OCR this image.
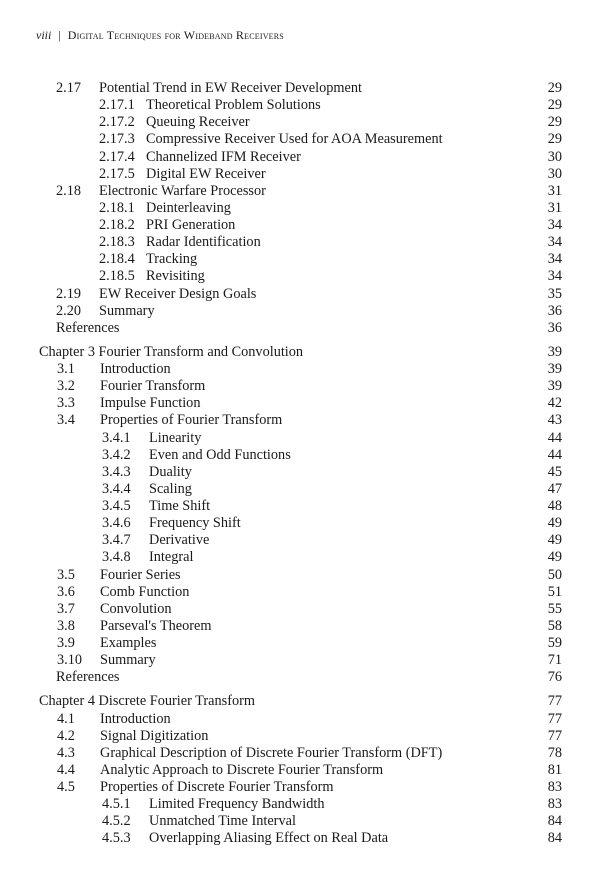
viii | Digital Techniques for Wideband Receivers
2.17 Potential Trend in EW Receiver Development	29
2.17.1 Theoretical Problem Solutions	29
2.17.2 Queuing Receiver	29
2.17.3 Compressive Receiver Used for AOA Measurement	29
2.17.4 Channelized IFM Receiver	30
2.17.5 Digital EW Receiver	30
2.18 Electronic Warfare Processor	31
2.18.1 Deinterleaving	31
2.18.2 PRI Generation	34
2.18.3 Radar Identification	34
2.18.4 Tracking	34
2.18.5 Revisiting	34
2.19 EW Receiver Design Goals	35
2.20 Summary	36
References	36
Chapter 3 Fourier Transform and Convolution	39
3.1 Introduction	39
3.2 Fourier Transform	39
3.3 Impulse Function	42
3.4 Properties of Fourier Transform	43
3.4.1 Linearity	44
3.4.2 Even and Odd Functions	44
3.4.3 Duality	45
3.4.4 Scaling	47
3.4.5 Time Shift	48
3.4.6 Frequency Shift	49
3.4.7 Derivative	49
3.4.8 Integral	49
3.5 Fourier Series	50
3.6 Comb Function	51
3.7 Convolution	55
3.8 Parseval's Theorem	58
3.9 Examples	59
3.10 Summary	71
References	76
Chapter 4 Discrete Fourier Transform	77
4.1 Introduction	77
4.2 Signal Digitization	77
4.3 Graphical Description of Discrete Fourier Transform (DFT)	78
4.4 Analytic Approach to Discrete Fourier Transform	81
4.5 Properties of Discrete Fourier Transform	83
4.5.1 Limited Frequency Bandwidth	83
4.5.2 Unmatched Time Interval	84
4.5.3 Overlapping Aliasing Effect on Real Data	84
